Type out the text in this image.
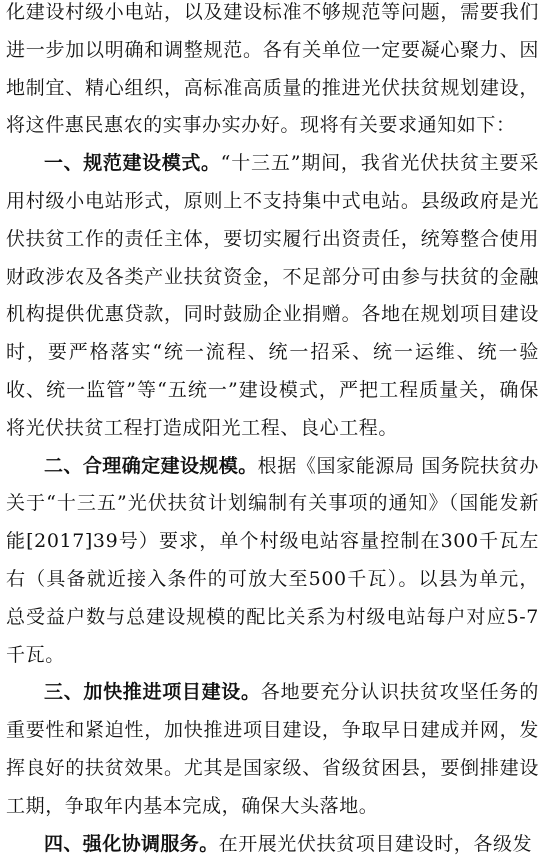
化建设村级小电站，以及建设标准不够规范等问题，需要我们进一步加以明确和调整规范。各有关单位一定要凝心聚力、因地制宜、精心组织，高标准高质量的推进光伏扶贫规划建设，将这件惠民惠农的实事办实办好。现将有关要求通知如下：

一、规范建设模式。“十三五”期间，我省光伏扶贫主要采用村级小电站形式，原则上不支持集中式电站。县级政府是光伏扶贫工作的责任主体，要切实履行出资责任，统筹整合使用财政涉农及各类产业扶贫资金，不足部分可由参与扶贫的金融机构提供优惠贷款，同时鼓励企业捐赠。各地在规划项目建设时，要严格落实“统一流程、统一招采、统一运维、统一验收、统一监管”等“五统一”建设模式，严把工程质量关，确保将光伏扶贫工程打造成阳光工程、良心工程。

二、合理确定建设规模。根据《国家能源局 国务院扶贫办关于“十三五”光伏扶贫计划编制有关事项的通知》（国能发新能[2017]39号）要求，单个村级电站容量控制在300千瓦左右（具备就近接入条件的可放大至500千瓦）。以县为单元，总受益户数与总建设规模的配比关系为村级电站每户对应5-7千瓦。

三、加快推进项目建设。各地要充分认识扶贫攻坚任务的重要性和紧迫性，加快推进项目建设，争取早日建成并网，发挥良好的扶贫效果。尤其是国家级、省级贫困县，要倒排建设工期，争取年内基本完成，确保大头落地。

四、强化协调服务。在开展光伏扶贫项目建设时，各级发
